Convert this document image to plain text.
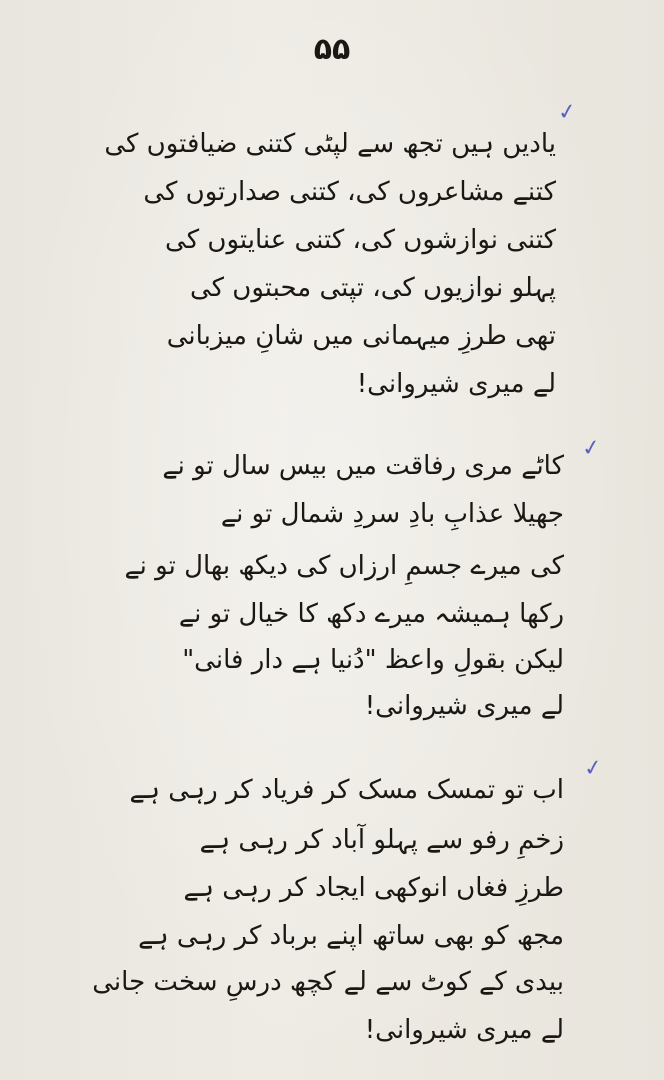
۵۵
✓
یادیں ہیں تجھ سے لپٹی کتنی ضیافتوں کی
کتنے مشاعروں کی، کتنی صدارتوں کی
کتنی نوازشوں کی، کتنی عنایتوں کی
پہلو نوازیوں کی، تپتی محبتوں کی
تھی طرزِ میہمانی میں شانِ میزبانی
لے میری شیروانی!
✓
کاٹے مری رفاقت میں بیس سال تو نے
جھیلا عذابِ بادِ سردِ شمال تو نے
کی میرے جسمِ ارزاں کی دیکھ بھال تو نے
رکھا ہمیشہ میرے دکھ کا خیال تو نے
لیکن بقولِ واعظ "دُنیا ہے دار فانی"
لے میری شیروانی!
✓
اب تو تمسک مسک کر فریاد کر رہی ہے
زخمِ رفو سے پہلو آباد کر رہی ہے
طرزِ فغاں انوکھی ایجاد کر رہی ہے
مجھ کو بھی ساتھ اپنے برباد کر رہی ہے
بیدی کے کوٹ سے لے کچھ درسِ سخت جانی
لے میری شیروانی!
